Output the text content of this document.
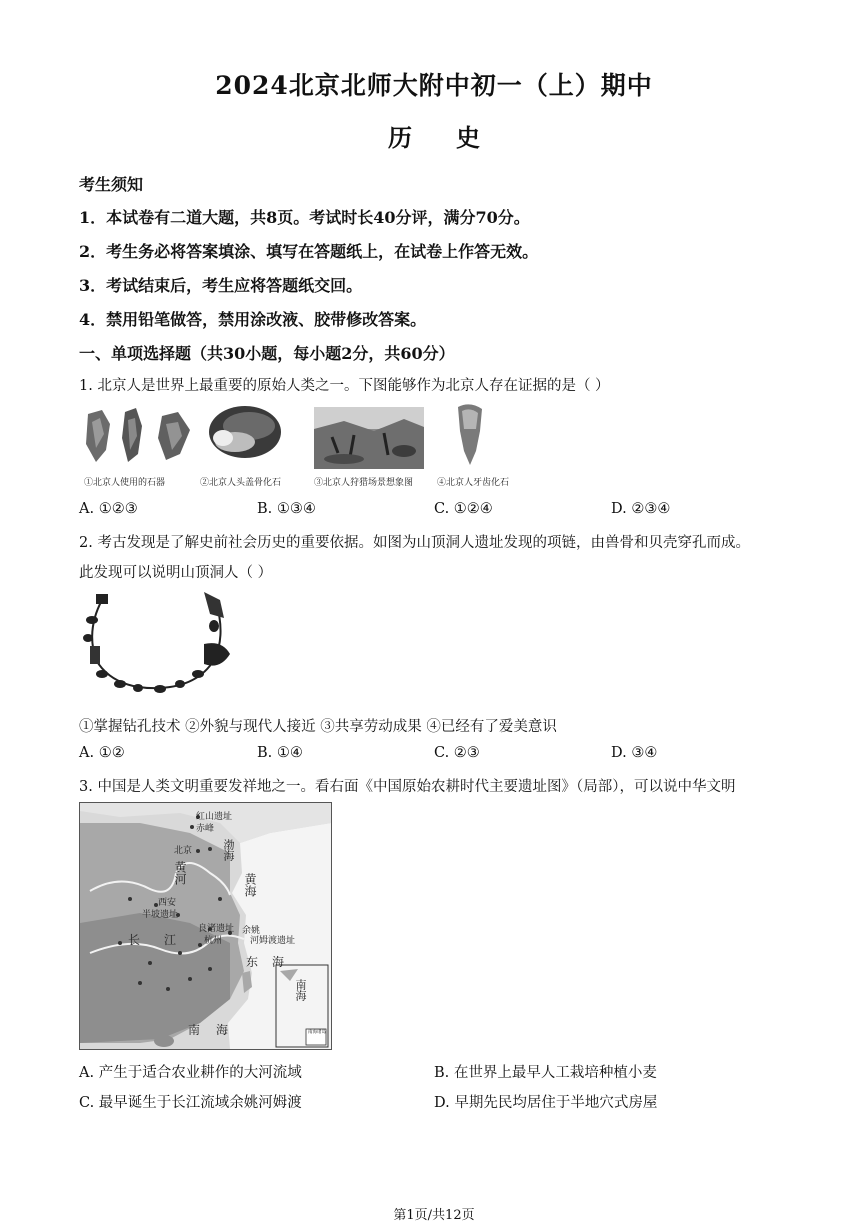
2024北京北师大附中初一（上）期中
历 史
考生须知
1．本试卷有二道大题，共8页。考试时长40分评，满分70分。
2．考生务必将答案填涂、填写在答题纸上，在试卷上作答无效。
3．考试结束后，考生应将答题纸交回。
4．禁用铅笔做答，禁用涂改液、胶带修改答案。
一、单项选择题（共30小题，每小题2分，共60分）
1. 北京人是世界上最重要的原始人类之一。下图能够作为北京人存在证据的是（ ）
①北京人使用的石器	②北京人头盖骨化石	③北京人狩猎场景想象图	④北京人牙齿化石
A. ①②③	B. ①③④	C. ①②④	D. ②③④
2. 考古发现是了解史前社会历史的重要依据。如图为山顶洞人遗址发现的项链，由兽骨和贝壳穿孔而成。
此发现可以说明山顶洞人（ ）
①掌握钻孔技术 ②外貌与现代人接近 ③共享劳动成果 ④已经有了爱美意识
A. ①②	B. ①④	C. ②③	D. ③④
3. 中国是人类文明重要发祥地之一。看右面《中国原始农耕时代主要遗址图》（局部），可以说中华文明
红山遗址
赤峰
北京	渤海
黄河
西安
半坡遗址
黄海
良渚遗址
杭州
余姚
河姆渡遗址
长江
东海
南海
南海
南海诸岛
A. 产生于适合农业耕作的大河流域	B. 在世界上最早人工栽培种植小麦
C. 最早诞生于长江流域余姚河姆渡	D. 早期先民均居住于半地穴式房屋
第1页/共12页
